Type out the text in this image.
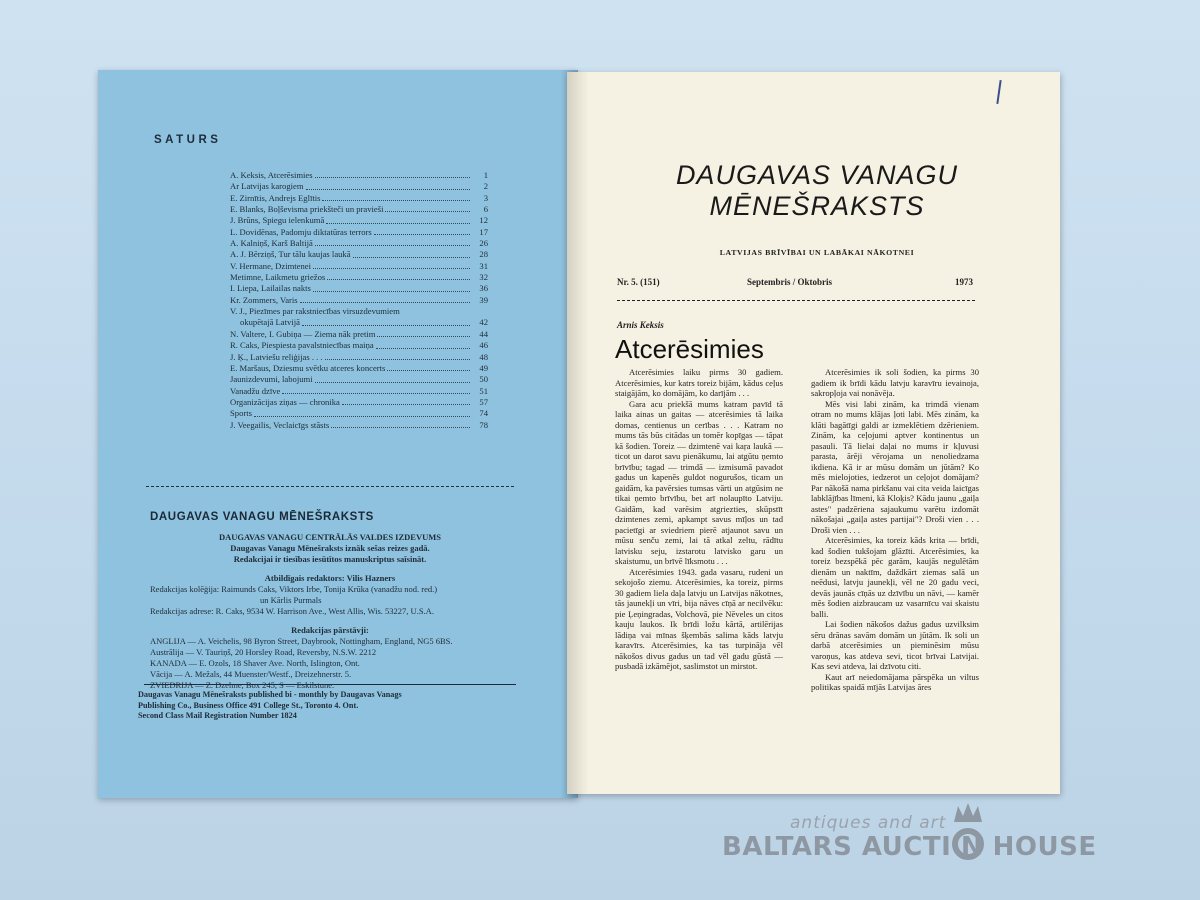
SATURS
A. Keksis, Atcerēsimies	1
Ar Latvijas karogiem	2
E. Zirnītis, Andrejs Eglītis	3
E. Blanks, Boļševisma priekšteči un pravieši	6
J. Brūns, Spiegu ielenkumā	12
L. Dovidēnas, Padomju diktatūras terrors	17
A. Kalniņš, Karš Baltijā	26
A. J. Bērziņš, Tur tālu kaujas laukā	28
V. Hermane, Dzimtenei	31
Metimne, Laikmetu griežos	32
I. Liepa, Lailailas nakts	36
Kr. Zommers, Varis	39
V. J., Piezīmes par rakstniecības virsuzdevumiem
okupētajā Latvijā	42
N. Valtere, I. Gubiņa — Ziema nāk pretim	44
R. Caks, Piespiesta pavalstniecības maiņa	46
J. Ķ., Latviešu reliģijas . . .	48
E. Maršaus, Dziesmu svētku atceres koncerts	49
Jaunizdevumi, labojumi	50
Vanadžu dzīve	51
Organizācijas ziņas — chronika	57
Sports	74
J. Veegailis, Veclaicīgs stāsts	78
DAUGAVAS VANAGU MĒNEŠRAKSTS
DAUGAVAS VANAGU CENTRĀLĀS VALDES IZDEVUMS
Daugavas Vanagu Mēnešraksts iznāk sešas reizes gadā.
Redakcijai ir tiesības iesūtītos manuskriptus saīsināt.
Atbildīgais redaktors: Vilis Hazners
Redakcijas kolēģija: Raimunds Caks, Viktors Irbe, Tonija Krūka (vanadžu nod. red.)
un Kārlis Purmals
Redakcijas adrese: R. Caks, 9534 W. Harrison Ave., West Allis, Wis. 53227, U.S.A.
Redakcijas pārstāvji:
ANGLIJA — A. Veichelis, 98 Byron Street, Daybrook, Nottingham, England, NG5 6BS.
Austrālija — V. Tauriņš, 20 Horsley Road, Reversby, N.S.W. 2212
KANADA — E. Ozols, 18 Shaver Ave. North, Islington, Ont.
Vācija — A. Mežals, 44 Muenster/Westf., Dreizehnerstr. 5.
ZVIEDRIJA — Z. Dzelme, Box 245, S — Eskilstune.
Daugavas Vanagu Mēnešraksts published bi - monthly by Daugavas Vanags
Publishing Co., Business Office 491 College St., Toronto 4. Ont.
Second Class Mail Registration Number 1824
DAUGAVAS VANAGU
MĒNEŠRAKSTS
LATVIJAS BRĪVĪBAI UN LABĀKAI NĀKOTNEI
Nr. 5. (151)	Septembris / Oktobris	1973
Arnis Keksis
Atcerēsimies

Atcerēsimies laiku pirms 30 gadiem. Atcerēsimies, kur katrs toreiz bijām, kādus ceļus staigājām, ko domājām, ko darījām . . .

Gara acu priekšā mums katram pavīd tā laika ainas un gaitas — atcerēsimies tā laika domas, centienus un cerības . . . Katram no mums tās būs citādas un tomēr kopīgas — tāpat kā šodien. Toreiz — dzimtenē vai kaŗa laukā — ticot un darot savu pienākumu, lai atgūtu ņemto brīvību; tagad — trimdā — izmisumā pavadot gadus un kapenēs guldot nogurušos, ticam un gaidām, ka pavērsies tumsas vārti un atgūsim ne tikai ņemto brīvību, bet arī nolaupīto Latviju. Gaidām, kad varēsim atgriezties, skūpstīt dzimtenes zemi, apkampt savus mīļos un tad pacietīgi ar sviedriem pierē atjaunot savu un mūsu senču zemi, lai tā atkal zeltu, rādītu latvisku seju, izstarotu latvisko garu un skaistumu, un brīvē līksmotu . . .

Atcerēsimies 1943. gada vasaru, rudeni un sekojošo ziemu. Atcerēsimies, ka toreiz, pirms 30 gadiem liela daļa latvju un Latvijas nākotnes, tās jaunekļi un vīri, bija nāves cīņā ar necilvēku: pie Ļeņingradas, Volchovā, pie Nēveles un citos kauju laukos. Ik brīdi ložu kārtā, artilērijas lādiņa vai mīnas šķembās salima kāds latvju karavīrs. Atcerēsimies, ka tas turpināja vēl nākošos divus gadus un tad vēl gadu gūstā — pusbadā izkāmējot, saslimstot un mirstot.

Atcerēsimies ik soli šodien, ka pirms 30 gadiem ik brīdi kādu latvju karavīru ievainoja, sakropļoja vai nonāvēja.

Mēs visi labi zinām, ka trimdā vienam otram no mums klājas ļoti labi. Mēs zinām, ka klāti bagātīgi galdi ar izmeklētiem dzērieniem. Zinām, ka ceļojumi aptver kontinentus un pasauli. Tā lielai daļai no mums ir kļuvusi parasta, ārēji vērojama un nenoliedzama ikdiena. Kā ir ar mūsu domām un jūtām? Ko mēs mielojoties, iedzerot un ceļojot domājam? Par nākošā nama pirkšanu vai cita veida laicīgas labklājības līmeni, kā Kloķis? Kādu jaunu „gaiļa astes" padzēriena sajaukumu varētu izdomāt nākošajai „gaiļa astes partijai"? Droši vien . . . Droši vien . . .

Atcerēsimies, ka toreiz kāds krita — brīdi, kad šodien tukšojam glāzīti. Atcerēsimies, ka toreiz bezspēkā pēc garām, kaujās negulētām dienām un naktīm, daždkārt ziemas salā un neēdusi, latvju jaunekļi, vēl ne 20 gadu veci, devās jaunās cīņās uz dzīvību un nāvi, — kamēr mēs šodien aizbraucam uz vasarnīcu vai skaistu balli.

Lai šodien nākošos dažus gadus uzvilksim sēru drānas savām domām un jūtām. Ik soli un darbā atcerēsimies un pieminēsim mūsu varoņus, kas atdeva sevi, ticot brīvai Latvijai. Kas sevi atdeva, lai dzīvotu citi.

Kaut arī neiedomājama pārspēka un viltus politikas spaidā mījās Latvijas āres

antiques and art
BALTARS AUCTI N HOUSE
